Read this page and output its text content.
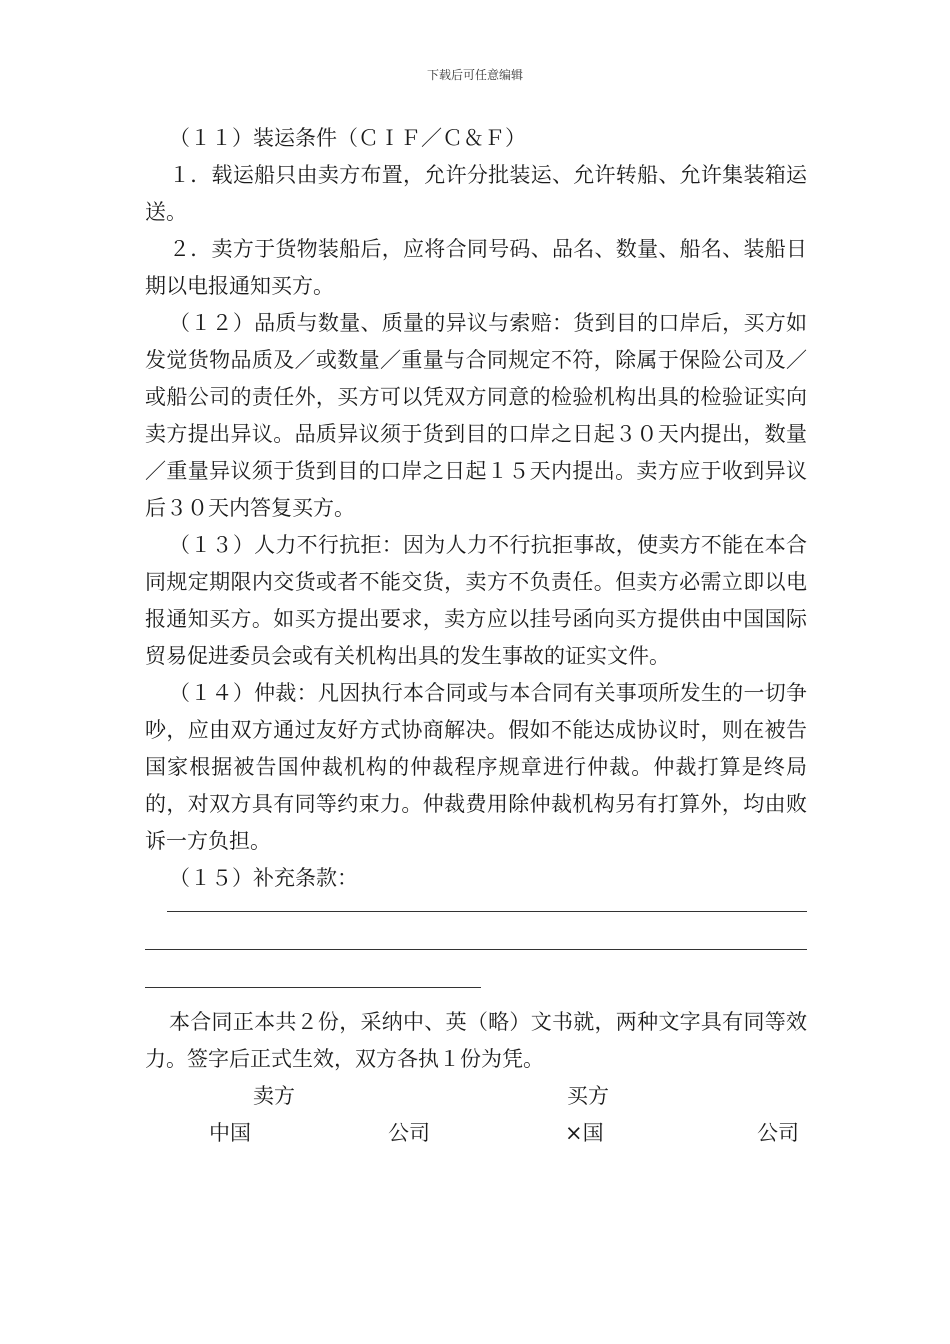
下载后可任意编辑

（１１）装运条件（ＣＩＦ／Ｃ＆Ｆ）

１．载运船只由卖方布置，允许分批装运、允许转船、允许集装箱运送。

２．卖方于货物装船后，应将合同号码、品名、数量、船名、装船日期以电报通知买方。

（１２）品质与数量、质量的异议与索赔：货到目的口岸后，买方如发觉货物品质及／或数量／重量与合同规定不符，除属于保险公司及／或船公司的责任外，买方可以凭双方同意的检验机构出具的检验证实向卖方提出异议。品质异议须于货到目的口岸之日起３０天内提出，数量／重量异议须于货到目的口岸之日起１５天内提出。卖方应于收到异议后３０天内答复买方。

（１３）人力不行抗拒：因为人力不行抗拒事故，使卖方不能在本合同规定期限内交货或者不能交货，卖方不负责任。但卖方必需立即以电报通知买方。如买方提出要求，卖方应以挂号函向买方提供由中国国际贸易促进委员会或有关机构出具的发生事故的证实文件。

（１４）仲裁：凡因执行本合同或与本合同有关事项所发生的一切争吵，应由双方通过友好方式协商解决。假如不能达成协议时，则在被告国家根据被告国仲裁机构的仲裁程序规章进行仲裁。仲裁打算是终局的，对双方具有同等约束力。仲裁费用除仲裁机构另有打算外，均由败诉一方负担。

（１５）补充条款：

本合同正本共２份，采纳中、英（略）文书就，两种文字具有同等效力。签字后正式生效，双方各执１份为凭。

卖方	买方
中国	公司	×国	公司
